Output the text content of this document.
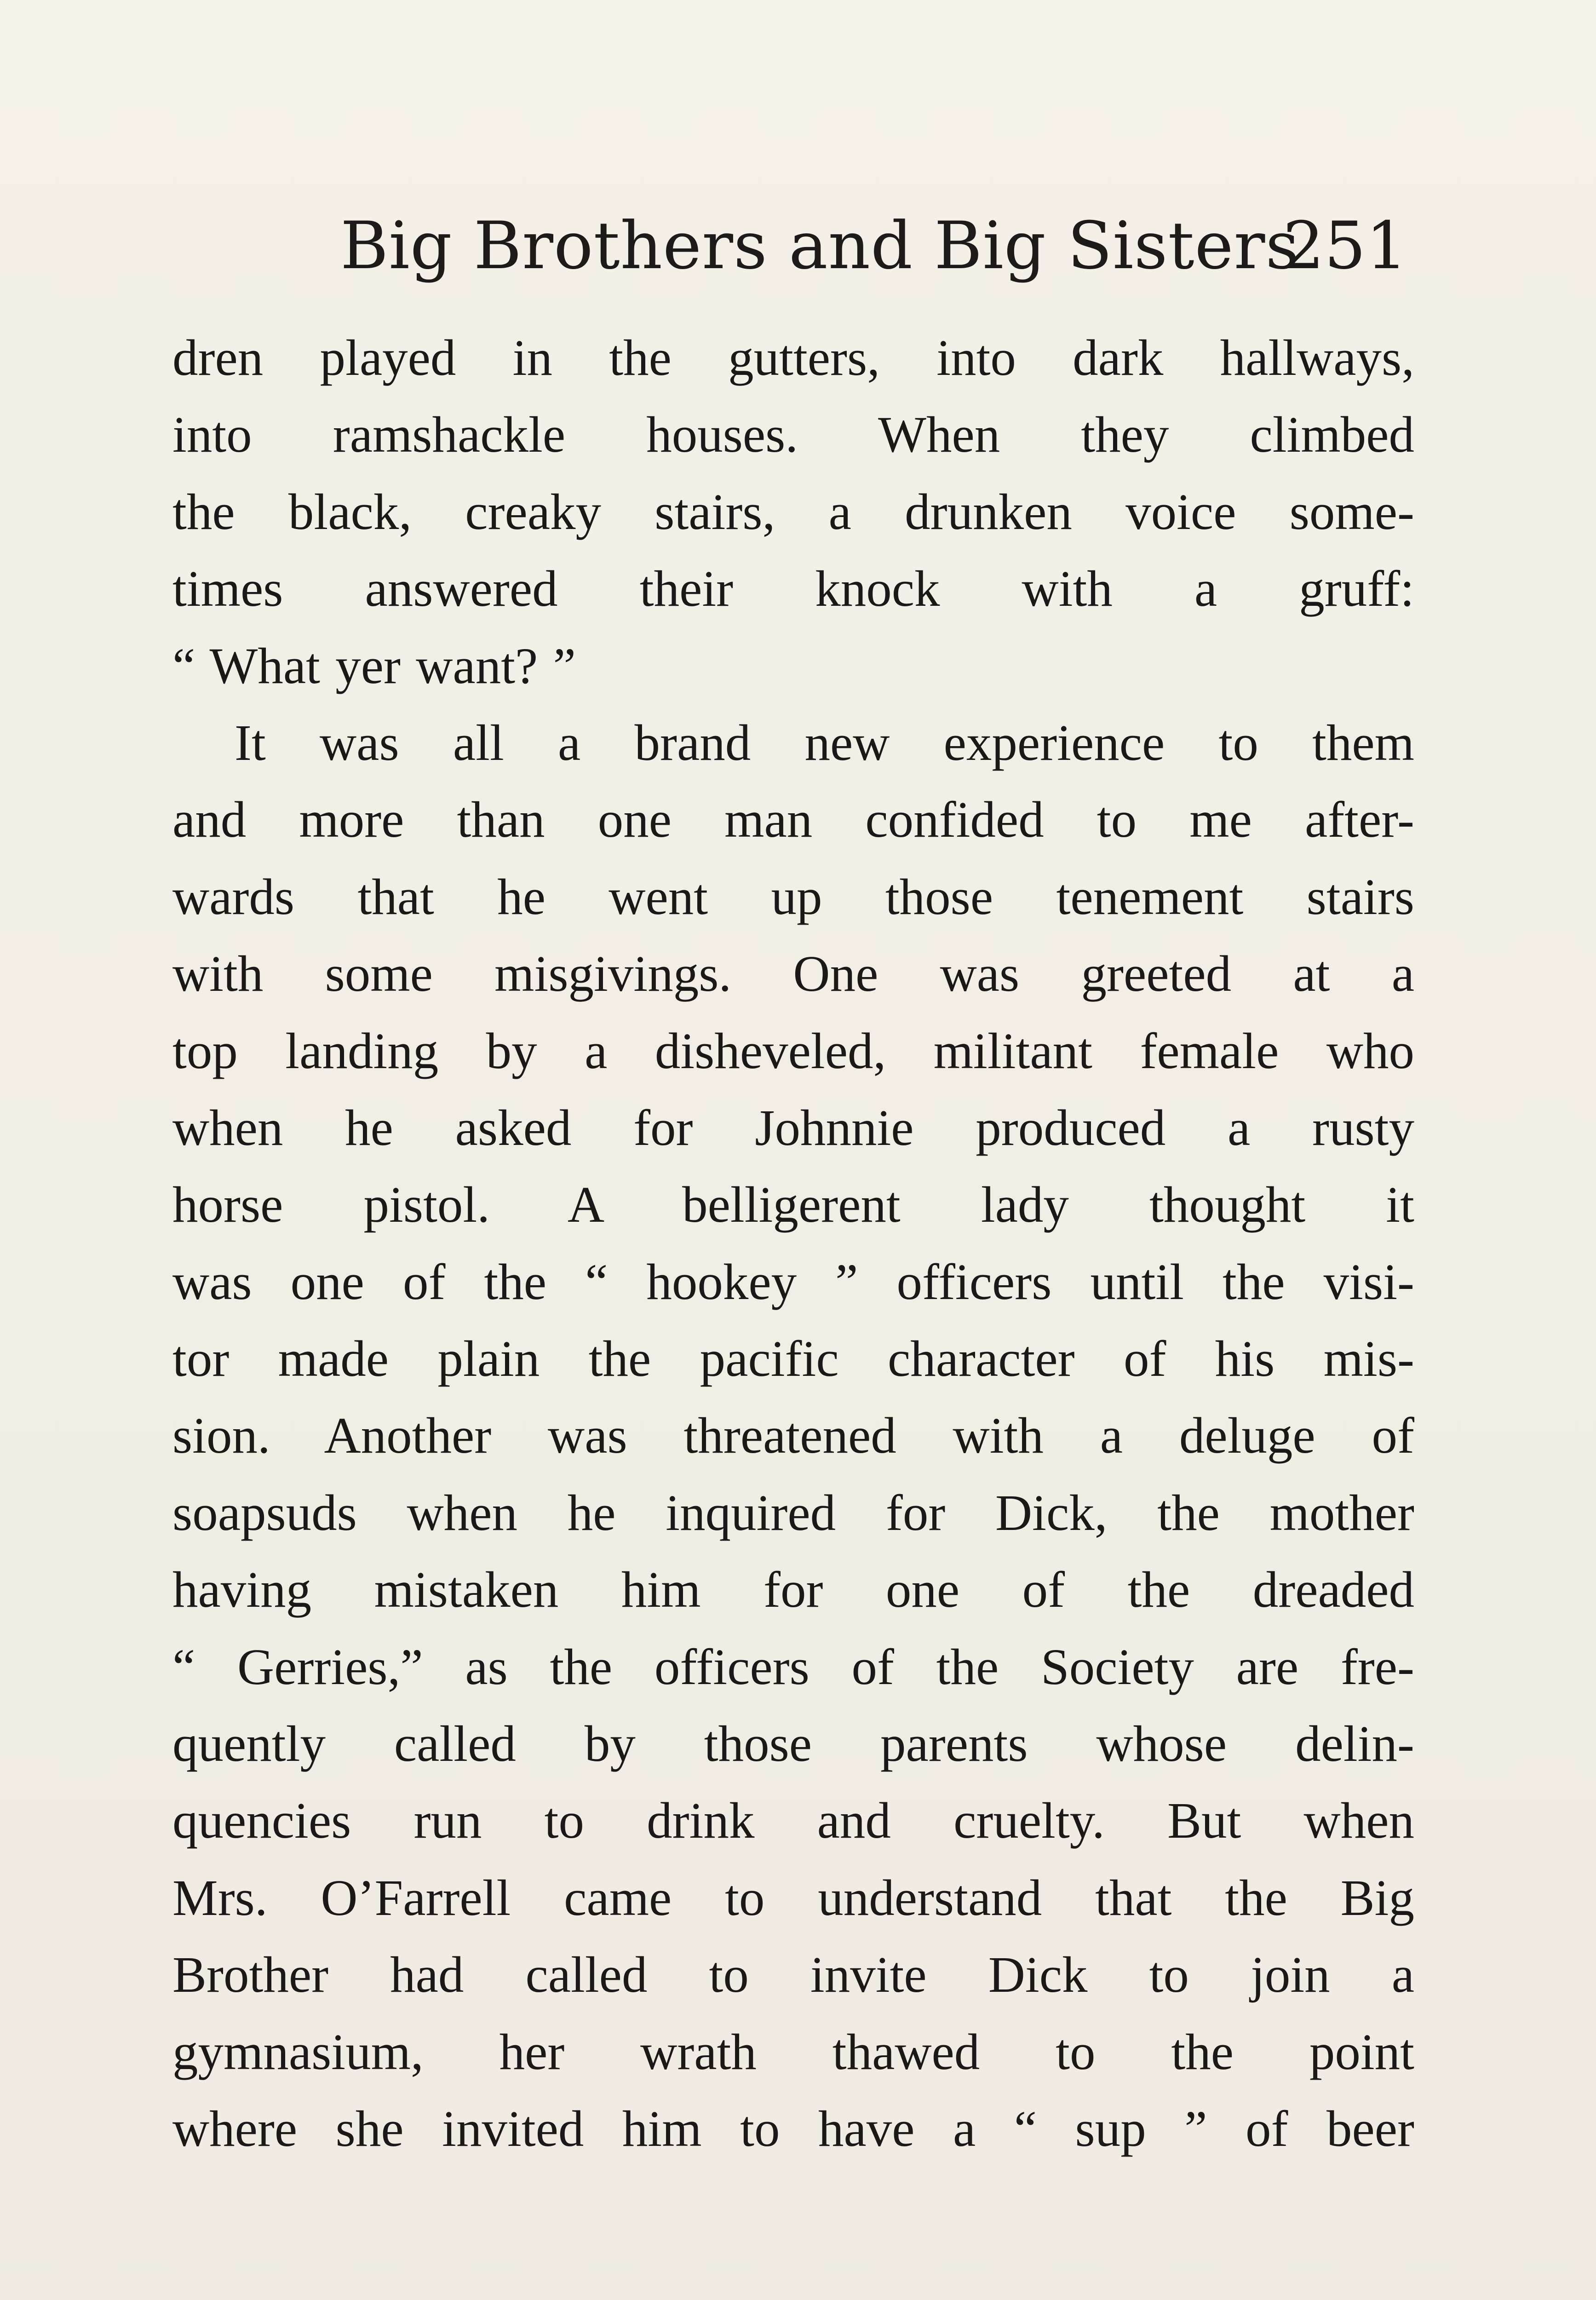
Big Brothers and Big Sisters
251
dren played in the gutters, into dark hallways,
into ramshackle houses. When they climbed
the black, creaky stairs, a drunken voice some-
times answered their knock with a gruff:
“ What yer want? ”
It was all a brand new experience to them
and more than one man confided to me after-
wards that he went up those tenement stairs
with some misgivings. One was greeted at a
top landing by a disheveled, militant female who
when he asked for Johnnie produced a rusty
horse pistol. A belligerent lady thought it
was one of the “ hookey ” officers until the visi-
tor made plain the pacific character of his mis-
sion. Another was threatened with a deluge of
soapsuds when he inquired for Dick, the mother
having mistaken him for one of the dreaded
“ Gerries,” as the officers of the Society are fre-
quently called by those parents whose delin-
quencies run to drink and cruelty. But when
Mrs. O’Farrell came to understand that the Big
Brother had called to invite Dick to join a
gymnasium, her wrath thawed to the point
where she invited him to have a “ sup ” of beer
